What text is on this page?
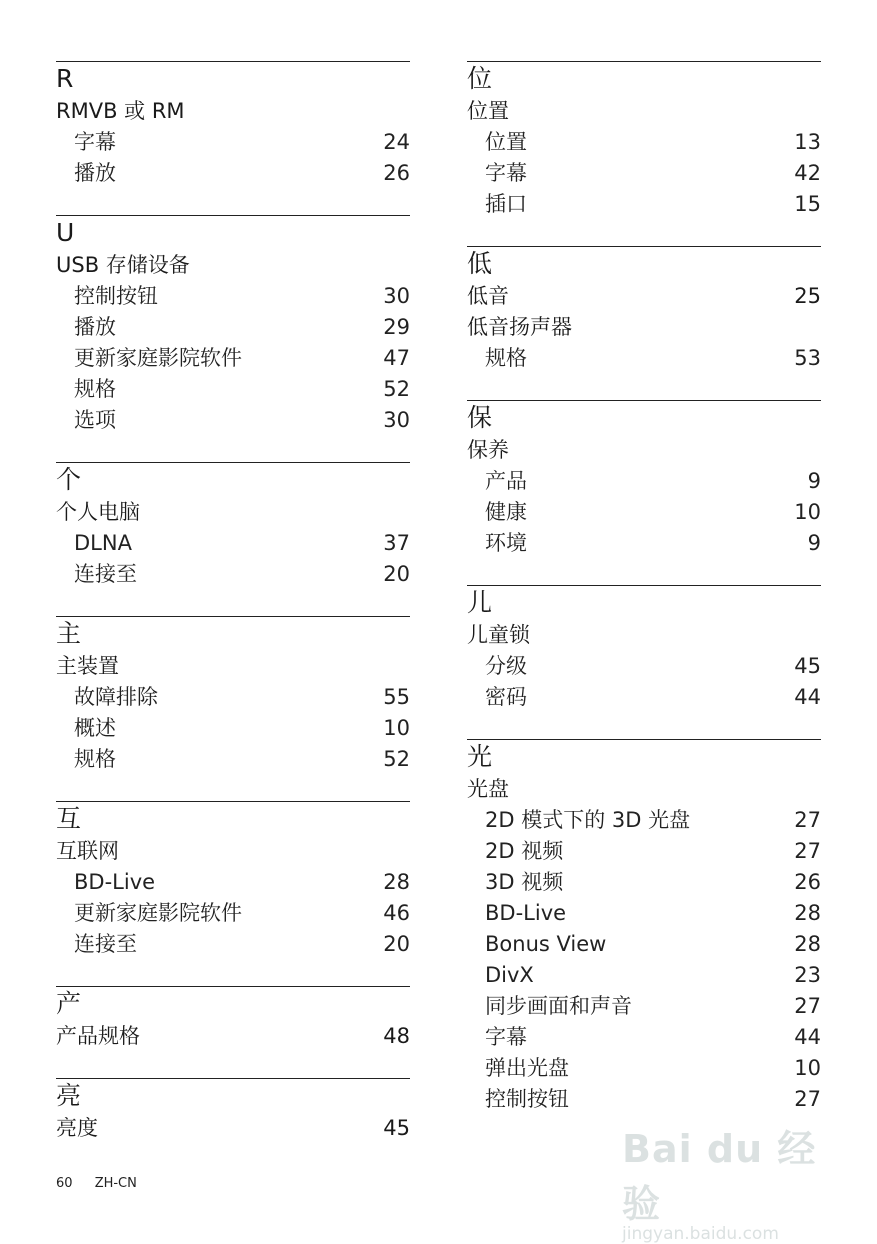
R
RMVB 或 RM
字幕	24
播放	26
U
USB 存储设备
控制按钮	30
播放	29
更新家庭影院软件	47
规格	52
选项	30
个
个人电脑
DLNA	37
连接至	20
主
主装置
故障排除	55
概述	10
规格	52
互
互联网
BD-Live	28
更新家庭影院软件	46
连接至	20
产
产品规格	48
亮
亮度	45
位
位置
位置	13
字幕	42
插口	15
低
低音	25
低音扬声器
规格	53
保
保养
产品	9
健康	10
环境	9
儿
儿童锁
分级	45
密码	44
光
光盘
2D 模式下的 3D 光盘	27
2D 视频	27
3D 视频	26
BD-Live	28
Bonus View	28
DivX	23
同步画面和声音	27
字幕	44
弹出光盘	10
控制按钮	27
60 ZH-CN
Bai du 经验
jingyan.baidu.com
